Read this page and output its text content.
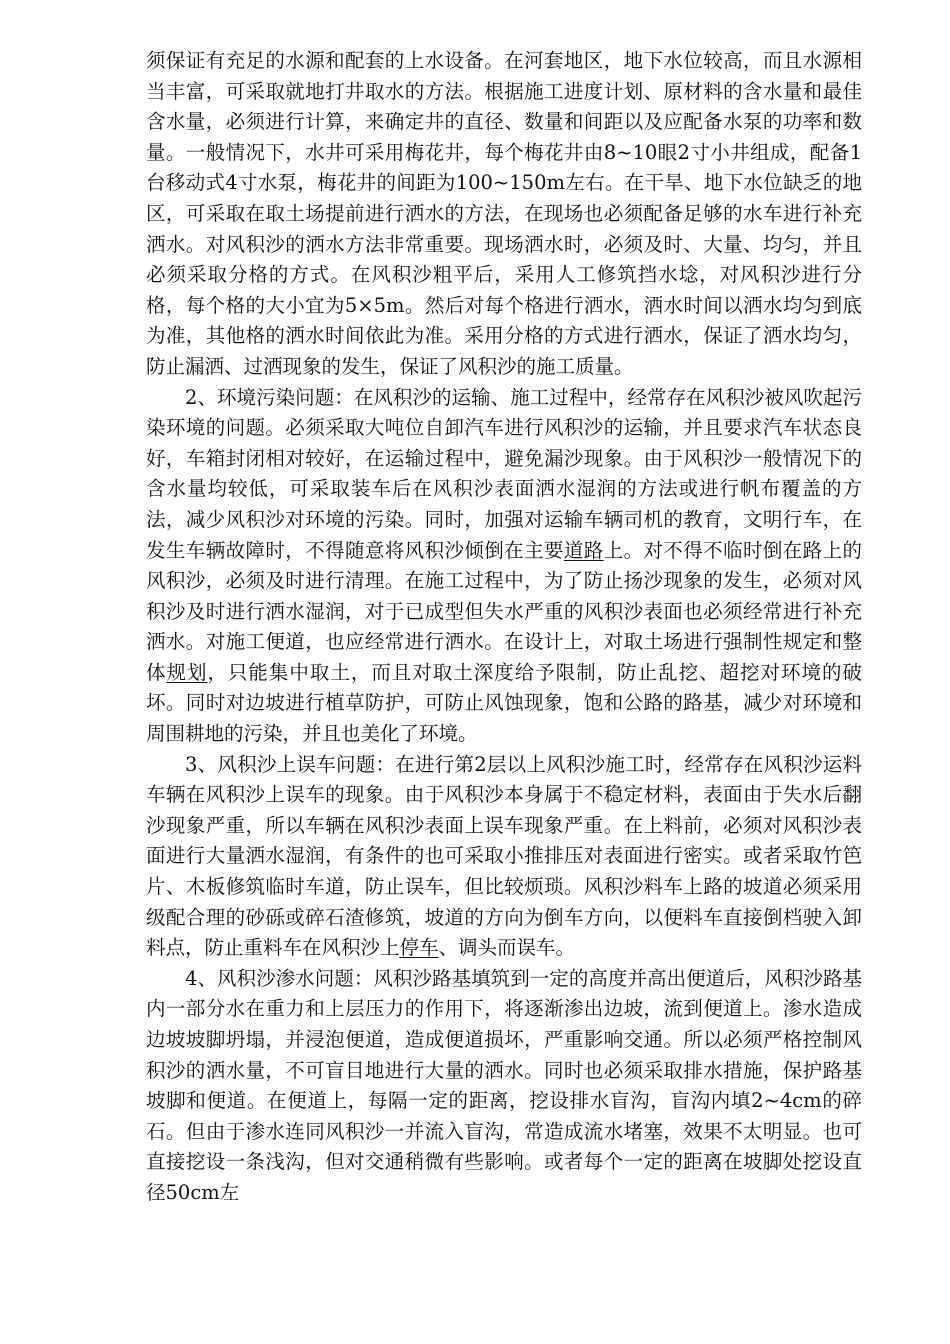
须保证有充足的水源和配套的上水设备。在河套地区，地下水位较高，而且水源相当丰富，可采取就地打井取水的方法。根据施工进度计划、原材料的含水量和最佳含水量，必须进行计算，来确定井的直径、数量和间距以及应配备水泵的功率和数量。一般情况下，水井可采用梅花井，每个梅花井由8~10眼2寸小井组成，配备1台移动式4寸水泵，梅花井的间距为100~150m左右。在干旱、地下水位缺乏的地区，可采取在取土场提前进行洒水的方法，在现场也必须配备足够的水车进行补充洒水。对风积沙的洒水方法非常重要。现场洒水时，必须及时、大量、均匀，并且必须采取分格的方式。在风积沙粗平后，采用人工修筑挡水埝，对风积沙进行分格，每个格的大小宜为5×5m。然后对每个格进行洒水，洒水时间以洒水均匀到底为准，其他格的洒水时间依此为准。采用分格的方式进行洒水，保证了洒水均匀，防止漏洒、过洒现象的发生，保证了风积沙的施工质量。

2、环境污染问题：在风积沙的运输、施工过程中，经常存在风积沙被风吹起污染环境的问题。必须采取大吨位自卸汽车进行风积沙的运输，并且要求汽车状态良好，车箱封闭相对较好，在运输过程中，避免漏沙现象。由于风积沙一般情况下的含水量均较低，可采取装车后在风积沙表面洒水湿润的方法或进行帆布覆盖的方法，减少风积沙对环境的污染。同时，加强对运输车辆司机的教育，文明行车，在发生车辆故障时，不得随意将风积沙倾倒在主要道路上。对不得不临时倒在路上的风积沙，必须及时进行清理。在施工过程中，为了防止扬沙现象的发生，必须对风积沙及时进行洒水湿润，对于已成型但失水严重的风积沙表面也必须经常进行补充洒水。对施工便道，也应经常进行洒水。在设计上，对取土场进行强制性规定和整体规划，只能集中取土，而且对取土深度给予限制，防止乱挖、超挖对环境的破坏。同时对边坡进行植草防护，可防止风蚀现象，饱和公路的路基，减少对环境和周围耕地的污染，并且也美化了环境。

3、风积沙上误车问题：在进行第2层以上风积沙施工时，经常存在风积沙运料车辆在风积沙上误车的现象。由于风积沙本身属于不稳定材料，表面由于失水后翻沙现象严重，所以车辆在风积沙表面上误车现象严重。在上料前，必须对风积沙表面进行大量洒水湿润，有条件的也可采取小推排压对表面进行密实。或者采取竹笆片、木板修筑临时车道，防止误车，但比较烦琐。风积沙料车上路的坡道必须采用级配合理的砂砾或碎石渣修筑，坡道的方向为倒车方向，以便料车直接倒档驶入卸料点，防止重料车在风积沙上停车、调头而误车。

4、风积沙渗水问题：风积沙路基填筑到一定的高度并高出便道后，风积沙路基内一部分水在重力和上层压力的作用下，将逐渐渗出边坡，流到便道上。渗水造成边坡坡脚坍塌，并浸泡便道，造成便道损坏，严重影响交通。所以必须严格控制风积沙的洒水量，不可盲目地进行大量的洒水。同时也必须采取排水措施，保护路基坡脚和便道。在便道上，每隔一定的距离，挖设排水盲沟，盲沟内填2~4cm的碎石。但由于渗水连同风积沙一并流入盲沟，常造成流水堵塞，效果不太明显。也可直接挖设一条浅沟，但对交通稍微有些影响。或者每个一定的距离在坡脚处挖设直径50cm左
